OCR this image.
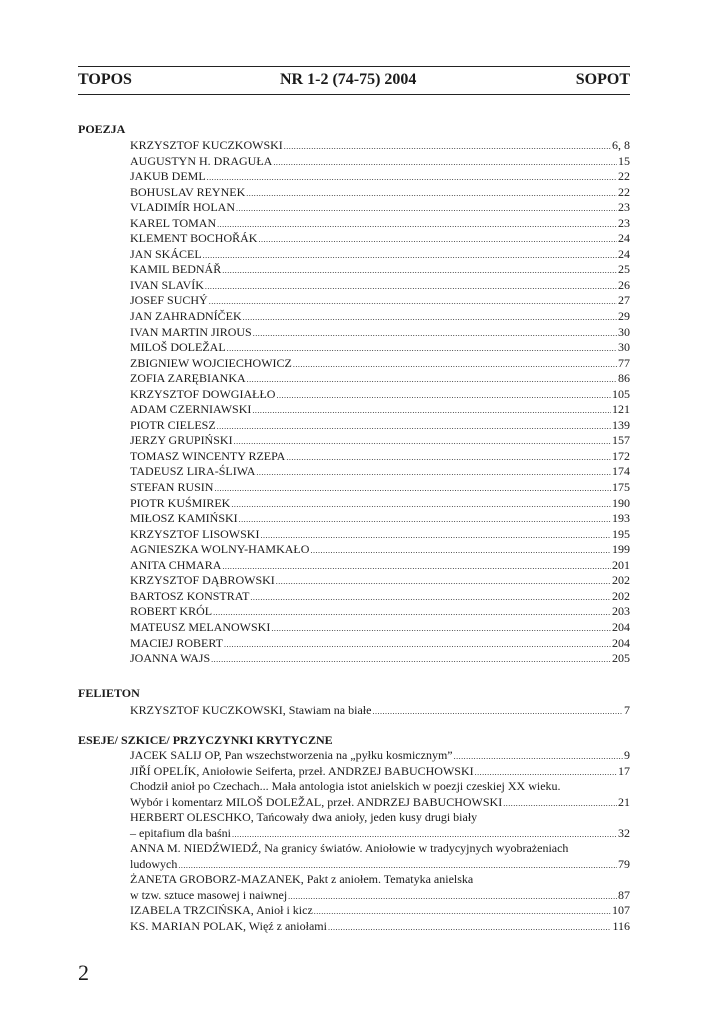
TOPOS	NR 1-2 (74-75) 2004	SOPOT
POEZJA
KRZYSZTOF KUCZKOWSKI .....	6, 8
AUGUSTYN H. DRAGUŁA .....	15
JAKUB DEML .....	22
BOHUSLAV REYNEK .....	22
VLADIMÍR HOLAN .....	23
KAREL TOMAN .....	23
KLEMENT BOCHOŘÁK .....	24
JAN SKÁCEL .....	24
KAMIL BEDNÁŘ .....	25
IVAN SLAVÍK .....	26
JOSEF SUCHÝ .....	27
JAN ZAHRADNÍČEK .....	29
IVAN MARTIN JIROUS .....	30
MILOŠ DOLEŽAL .....	30
ZBIGNIEW WOJCIECHOWICZ .....	77
ZOFIA ZARĘBIANKA .....	86
KRZYSZTOF DOWGIAŁŁO .....	105
ADAM CZERNIAWSKI .....	121
PIOTR CIELESZ .....	139
JERZY GRUPIŃSKI .....	157
TOMASZ WINCENTY RZEPA .....	172
TADEUSZ LIRA-ŚLIWA .....	174
STEFAN RUSIN .....	175
PIOTR KUŚMIREK .....	190
MIŁOSZ KAMIŃSKI .....	193
KRZYSZTOF LISOWSKI .....	195
AGNIESZKA WOLNY-HAMKAŁO .....	199
ANITA CHMARA .....	201
KRZYSZTOF DĄBROWSKI .....	202
BARTOSZ KONSTRAT .....	202
ROBERT KRÓL .....	203
MATEUSZ MELANOWSKI .....	204
MACIEJ ROBERT .....	204
JOANNA WAJS .....	205
FELIETON
KRZYSZTOF KUCZKOWSKI, Stawiam na białe .....	7
ESEJE/ SZKICE/ PRZYCZYNKI KRYTYCZNE
JACEK SALIJ OP, Pan wszechstworzenia na „pyłku kosmicznym” .....	9
JIŘÍ OPELÍK, Aniołowie Seiferta, przeł. ANDRZEJ BABUCHOWSKI .....	17
Chodził anioł po Czechach... Mała antologia istot anielskich w poezji czeskiej XX wieku.
Wybór i komentarz MILOŠ DOLEŽAL, przeł. ANDRZEJ BABUCHOWSKI .....	21
HERBERT OLESCHKO, Tańcowały dwa anioły, jeden kusy drugi biały
– epitafium dla baśni .....	32
ANNA M. NIEDŹWIEDŹ, Na granicy światów. Aniołowie w tradycyjnych wyobrażeniach
ludowych .....	79
ŻANETA GROBORZ-MAZANEK, Pakt z aniołem. Tematyka anielska
w tzw. sztuce masowej i naiwnej .....	87
IZABELA TRZCIŃSKA, Anioł i kicz .....	107
KS. MARIAN POLAK, Więź z aniołami .....	116
2
